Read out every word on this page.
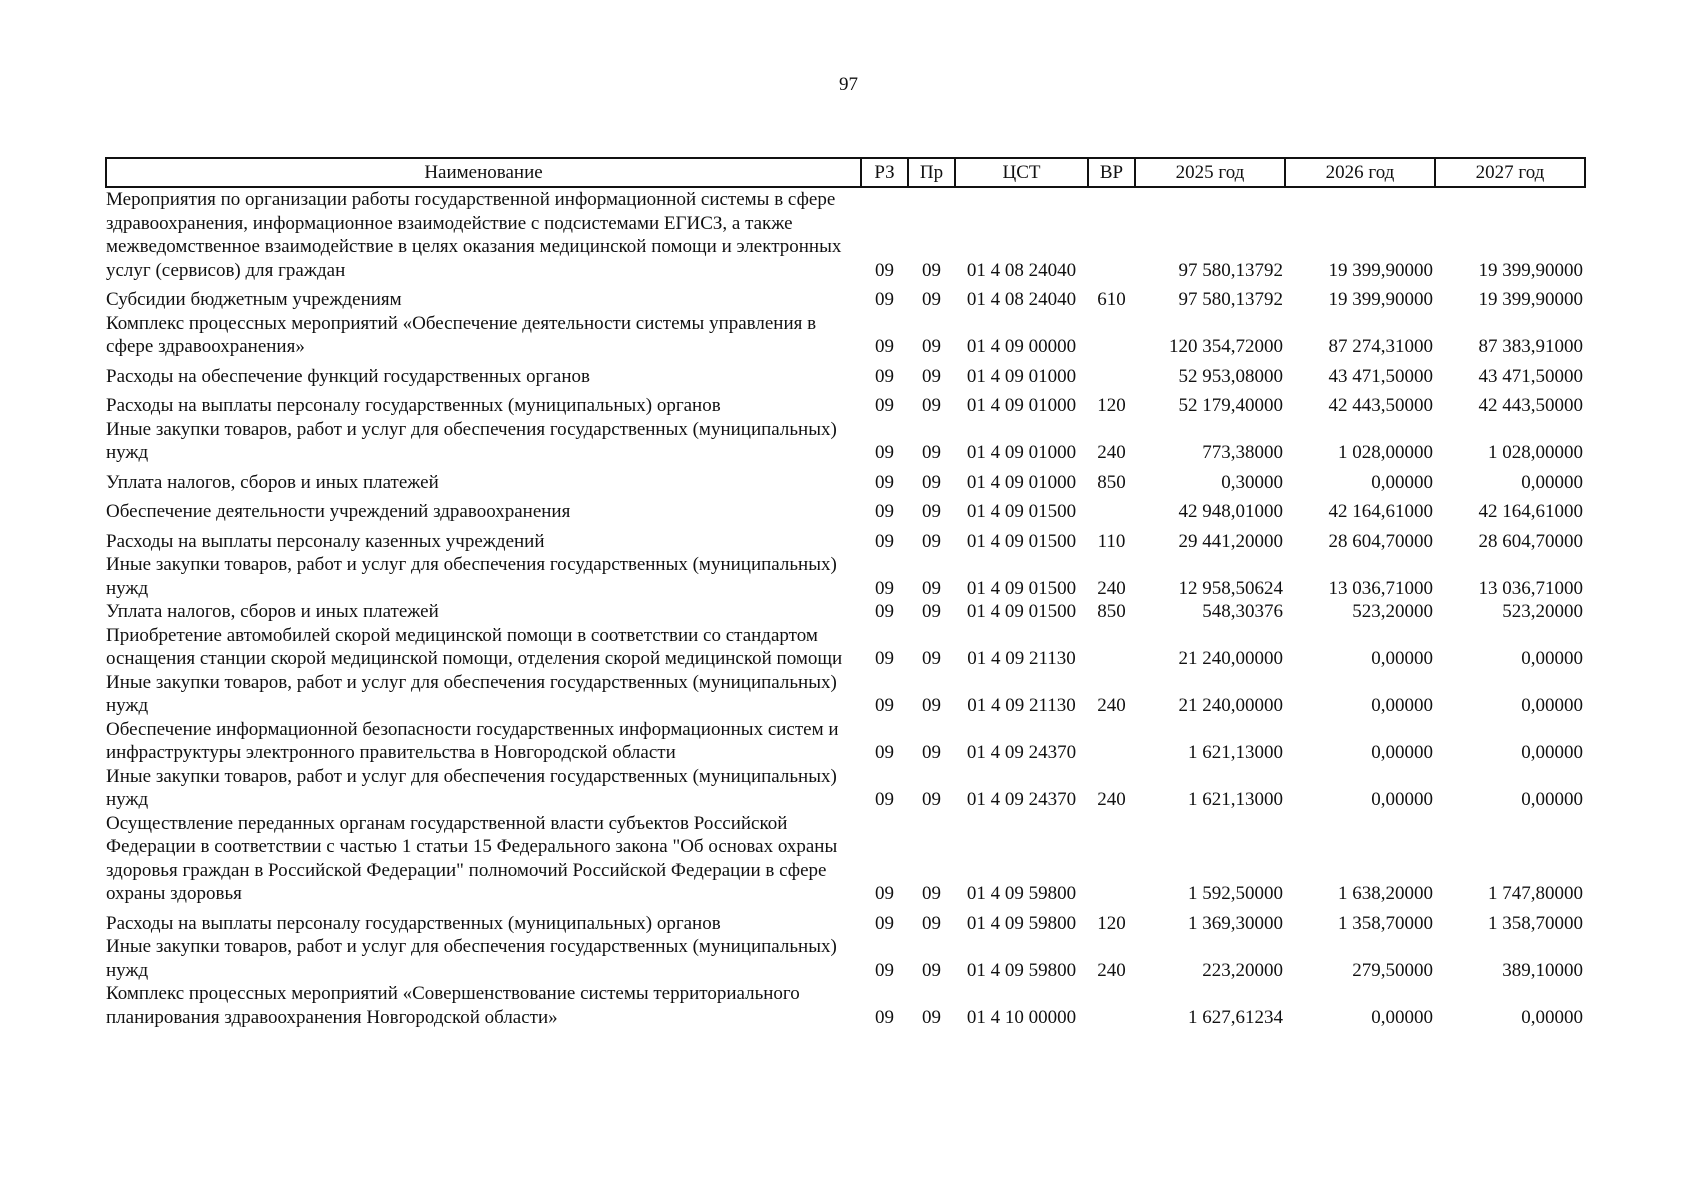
97
Наименование	РЗ	Пр	ЦСТ	ВР	2025 год	2026 год	2027 год
Мероприятия по организации работы государственной информационной системы в сфере здравоохранения, информационное взаимодействие с подсистемами ЕГИСЗ, а также межведомственное взаимодействие в целях оказания медицинской помощи и электронных услуг (сервисов) для граждан	09	09	01 4 08 24040		97 580,13792	19 399,90000	19 399,90000
Субсидии бюджетным учреждениям	09	09	01 4 08 24040	610	97 580,13792	19 399,90000	19 399,90000
Комплекс процессных мероприятий «Обеспечение деятельности системы управления в сфере здравоохранения»	09	09	01 4 09 00000		120 354,72000	87 274,31000	87 383,91000
Расходы на обеспечение функций государственных органов	09	09	01 4 09 01000		52 953,08000	43 471,50000	43 471,50000
Расходы на выплаты персоналу государственных (муниципальных) органов	09	09	01 4 09 01000	120	52 179,40000	42 443,50000	42 443,50000
Иные закупки товаров, работ и услуг для обеспечения государственных (муниципальных) нужд	09	09	01 4 09 01000	240	773,38000	1 028,00000	1 028,00000
Уплата налогов, сборов и иных платежей	09	09	01 4 09 01000	850	0,30000	0,00000	0,00000
Обеспечение деятельности учреждений здравоохранения	09	09	01 4 09 01500		42 948,01000	42 164,61000	42 164,61000
Расходы на выплаты персоналу казенных учреждений	09	09	01 4 09 01500	110	29 441,20000	28 604,70000	28 604,70000
Иные закупки товаров, работ и услуг для обеспечения государственных (муниципальных) нужд	09	09	01 4 09 01500	240	12 958,50624	13 036,71000	13 036,71000
Уплата налогов, сборов и иных платежей	09	09	01 4 09 01500	850	548,30376	523,20000	523,20000
Приобретение автомобилей скорой медицинской помощи в соответствии со стандартом оснащения станции скорой медицинской помощи, отделения скорой медицинской помощи	09	09	01 4 09 21130		21 240,00000	0,00000	0,00000
Иные закупки товаров, работ и услуг для обеспечения государственных (муниципальных) нужд	09	09	01 4 09 21130	240	21 240,00000	0,00000	0,00000
Обеспечение информационной безопасности государственных информационных систем и инфраструктуры электронного правительства в Новгородской области	09	09	01 4 09 24370		1 621,13000	0,00000	0,00000
Иные закупки товаров, работ и услуг для обеспечения государственных (муниципальных) нужд	09	09	01 4 09 24370	240	1 621,13000	0,00000	0,00000
Осуществление переданных органам государственной власти субъектов Российской Федерации в соответствии с частью 1 статьи 15 Федерального закона "Об основах охраны здоровья граждан в Российской Федерации" полномочий Российской Федерации в сфере охраны здоровья	09	09	01 4 09 59800		1 592,50000	1 638,20000	1 747,80000
Расходы на выплаты персоналу государственных (муниципальных) органов	09	09	01 4 09 59800	120	1 369,30000	1 358,70000	1 358,70000
Иные закупки товаров, работ и услуг для обеспечения государственных (муниципальных) нужд	09	09	01 4 09 59800	240	223,20000	279,50000	389,10000
Комплекс процессных мероприятий «Совершенствование системы территориального планирования здравоохранения Новгородской области»	09	09	01 4 10 00000		1 627,61234	0,00000	0,00000
